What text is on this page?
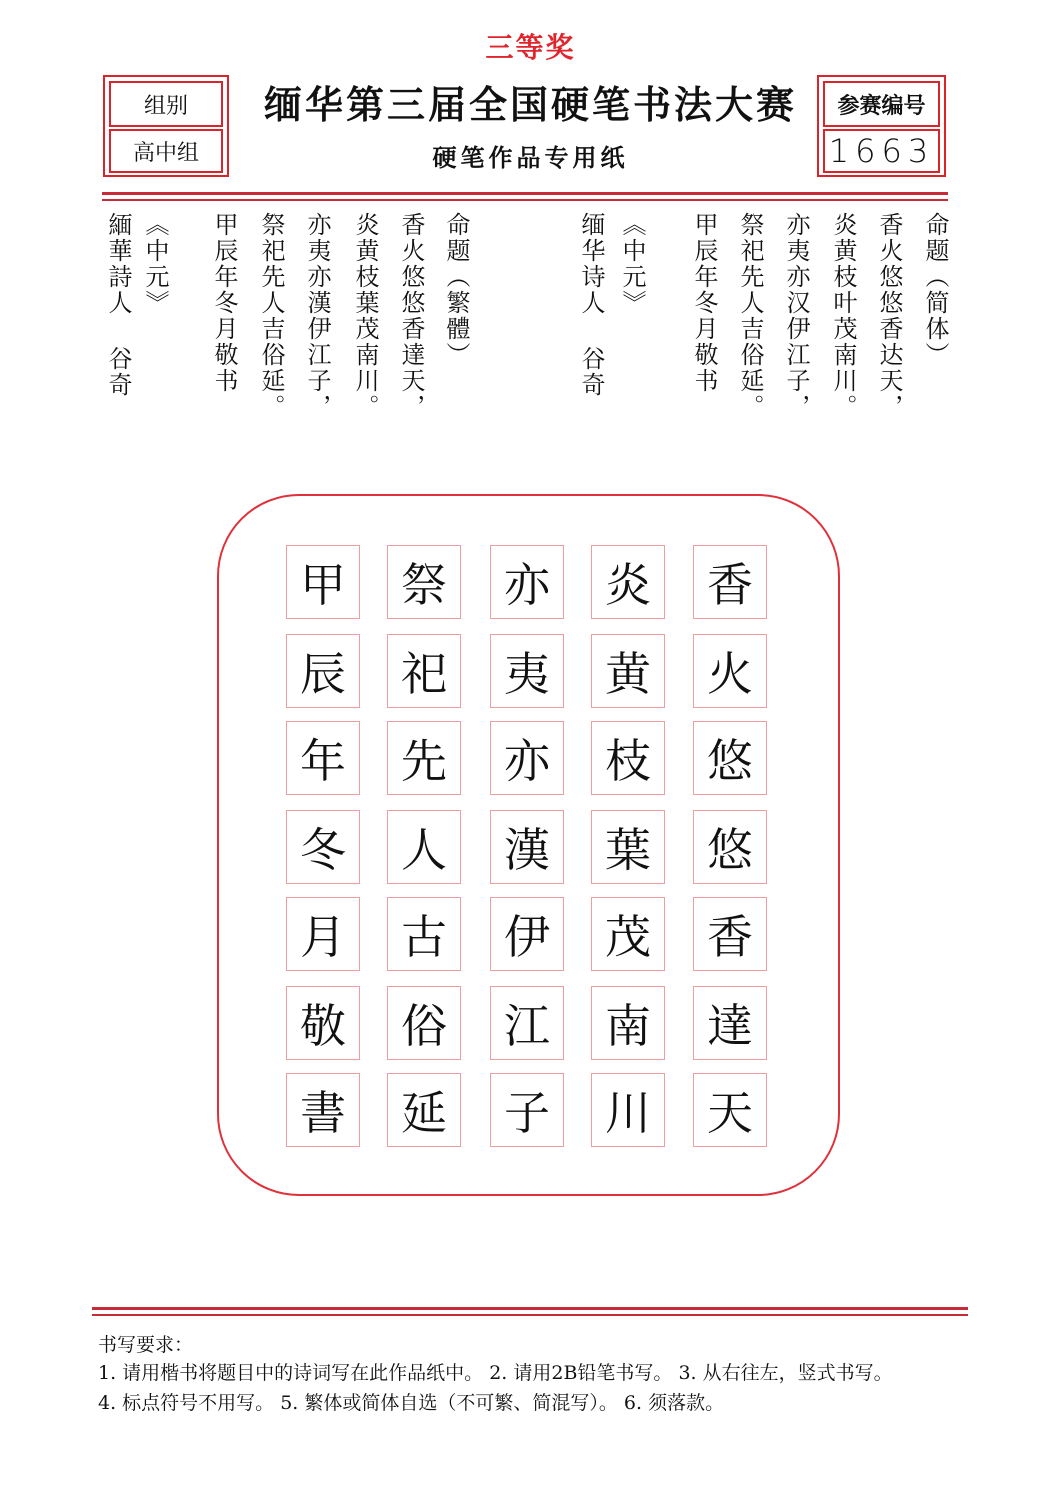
三等奖
组别
高中组
缅华第三届全国硬笔书法大赛
硬笔作品专用纸
参赛编号
1663
命题（简体）
香火悠悠香达天，
炎黄枝叶茂南川。
亦夷亦汉伊江子，
祭祀先人吉俗延。
甲辰年冬月敬书
《中元》
缅华诗人 谷奇
命题（繁體）
香火悠悠香達天，
炎黄枝葉茂南川。
亦夷亦漢伊江子，
祭祀先人吉俗延。
甲辰年冬月敬书
《中元》
緬華詩人 谷奇
香
火
悠
悠
香
達
天
炎
黄
枝
葉
茂
南
川
亦
夷
亦
漢
伊
江
子
祭
祀
先
人
古
俗
延
甲
辰
年
冬
月
敬
書
书写要求：
1. 请用楷书将题目中的诗词写在此作品纸中。 2. 请用2B铅笔书写。 3. 从右往左，竖式书写。
4. 标点符号不用写。 5. 繁体或简体自选（不可繁、简混写）。 6. 须落款。
